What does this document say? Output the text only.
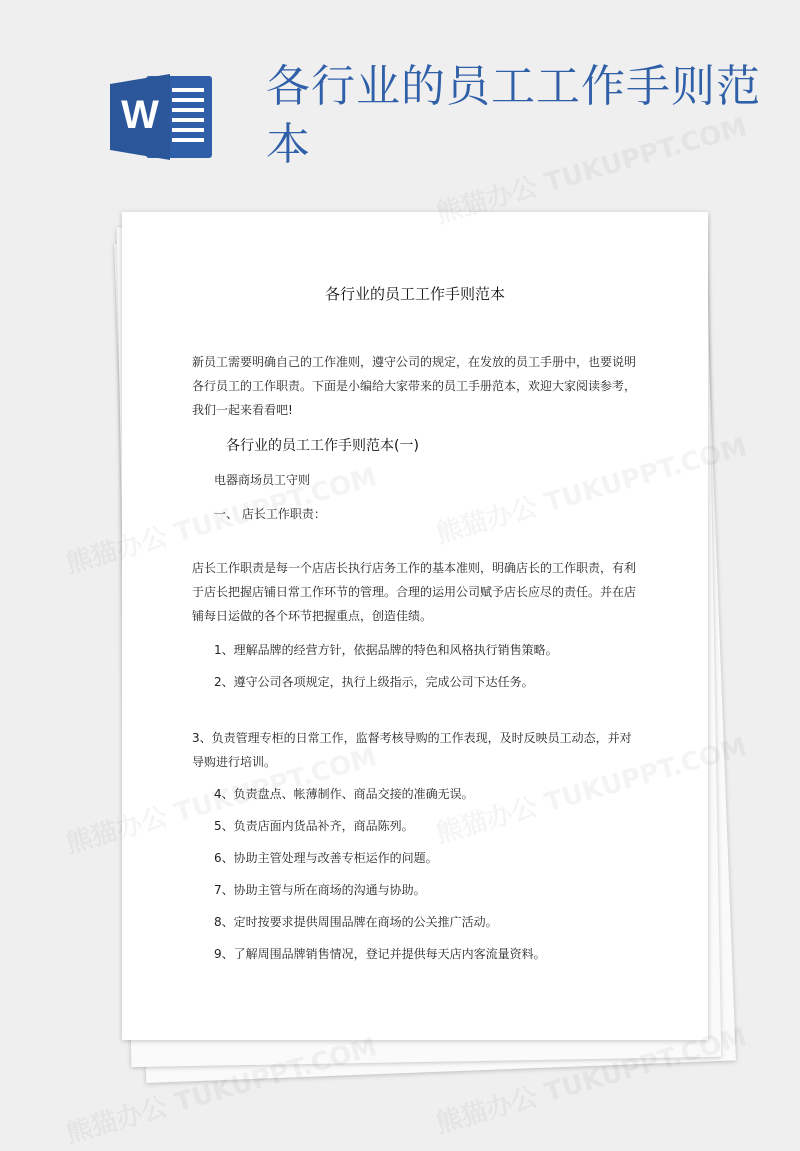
W
各行业的员工工作手则范本

各行业的员工工作手则范本

新员工需要明确自己的工作准则，遵守公司的规定，在发放的员工手册中，也要说明各行员工的工作职责。下面是小编给大家带来的员工手册范本，欢迎大家阅读参考，我们一起来看看吧!

各行业的员工工作手则范本(一)

电器商场员工守则

一、 店长工作职责：

店长工作职责是每一个店店长执行店务工作的基本准则，明确店长的工作职责，有利于店长把握店铺日常工作环节的管理。合理的运用公司赋予店长应尽的责任。并在店铺每日运做的各个环节把握重点，创造佳绩。

1、理解品牌的经营方针，依据品牌的特色和风格执行销售策略。

2、遵守公司各项规定，执行上级指示，完成公司下达任务。

3、负责管理专柜的日常工作，监督考核导购的工作表现，及时反映员工动态，并对导购进行培训。

4、负责盘点、帐薄制作、商品交接的准确无误。

5、负责店面内货品补齐，商品陈列。

6、协助主管处理与改善专柜运作的问题。

7、协助主管与所在商场的沟通与协助。

8、定时按要求提供周围品牌在商场的公关推广活动。

9、了解周围品牌销售情况，登记并提供每天店内客流量资料。
